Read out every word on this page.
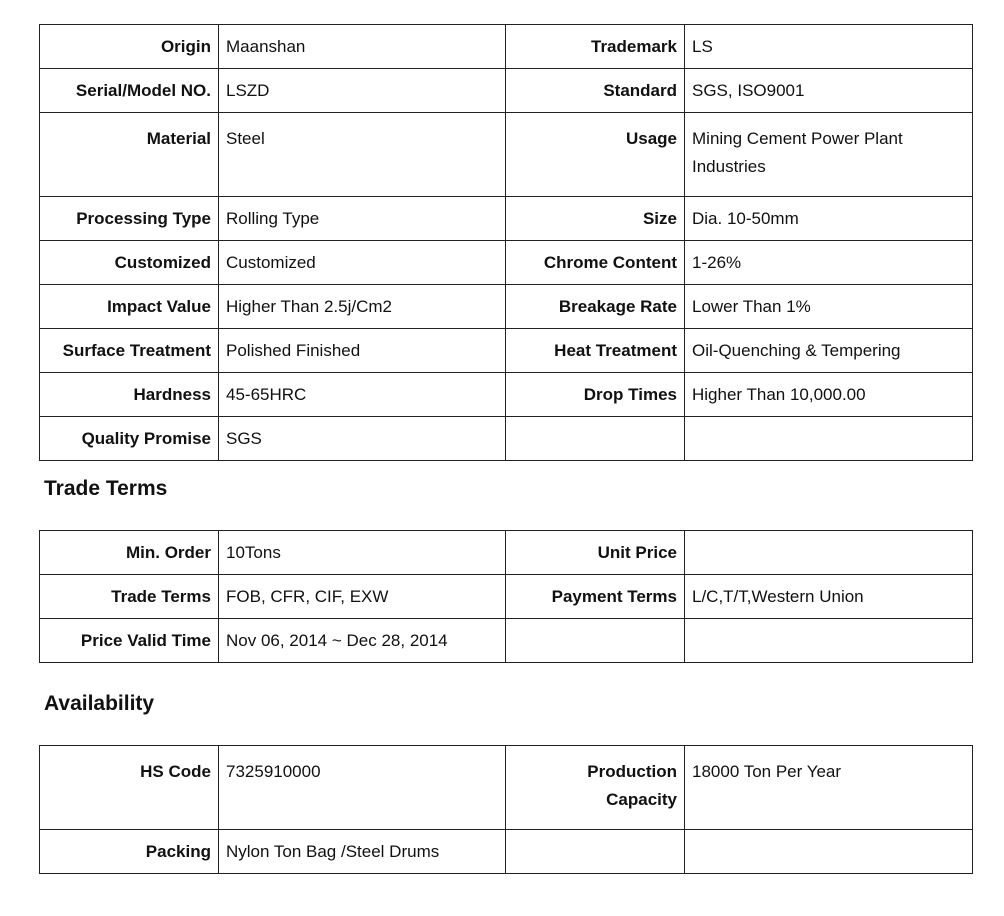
Origin	Maanshan	Trademark	LS
Serial/Model NO.	LSZD	Standard	SGS, ISO9001
Material	Steel	Usage	Mining Cement Power Plant Industries
Processing Type	Rolling Type	Size	Dia. 10-50mm
Customized	Customized	Chrome Content	1-26%
Impact Value	Higher Than 2.5j/Cm2	Breakage Rate	Lower Than 1%
Surface Treatment	Polished Finished	Heat Treatment	Oil-Quenching & Tempering
Hardness	45-65HRC	Drop Times	Higher Than 10,000.00
Quality Promise	SGS		
Trade Terms
Min. Order	10Tons	Unit Price	
Trade Terms	FOB, CFR, CIF, EXW	Payment Terms	L/C,T/T,Western Union
Price Valid Time	Nov 06, 2014 ~ Dec 28, 2014		
Availability
HS Code	7325910000	Production Capacity	18000 Ton Per Year
Packing	Nylon Ton Bag /Steel Drums		
